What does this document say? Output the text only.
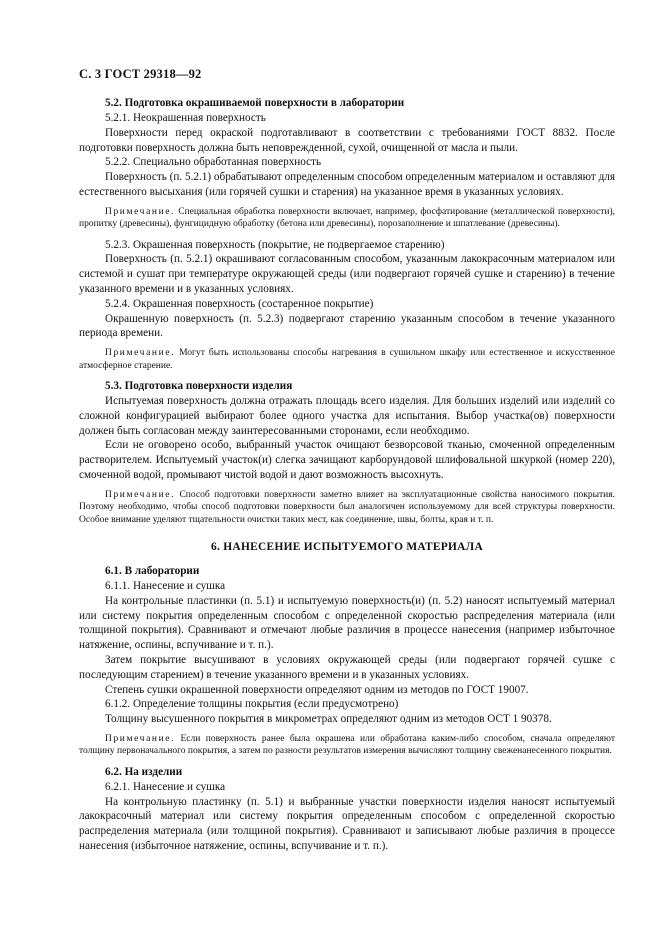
С. 3 ГОСТ 29318—92
5.2. Подготовка окрашиваемой поверхности в лаборатории
5.2.1. Неокрашенная поверхность

Поверхности перед окраской подготавливают в соответствии с требованиями ГОСТ 8832. После подготовки поверхность должна быть неповрежденной, сухой, очищенной от масла и пыли.

5.2.2. Специально обработанная поверхность

Поверхность (п. 5.2.1) обрабатывают определенным способом определенным материалом и оставляют для естественного высыхания (или горячей сушки и старения) на указанное время в указанных условиях.

Примечание. Специальная обработка поверхности включает, например, фосфатирование (металлической поверхности), пропитку (древесины), фунгицидную обработку (бетона или древесины), порозаполнение и шпатлевание (древесины).

5.2.3. Окрашенная поверхность (покрытие, не подвергаемое старению)

Поверхность (п. 5.2.1) окрашивают согласованным способом, указанным лакокрасочным материалом или системой и сушат при температуре окружающей среды (или подвергают горячей сушке и старению) в течение указанного времени и в указанных условиях.

5.2.4. Окрашенная поверхность (состаренное покрытие)

Окрашенную поверхность (п. 5.2.3) подвергают старению указанным способом в течение указанного периода времени.

Примечание. Могут быть использованы способы нагревания в сушильном шкафу или естественное и искусственное атмосферное старение.

5.3. Подготовка поверхности изделия

Испытуемая поверхность должна отражать площадь всего изделия. Для больших изделий или изделий со сложной конфигурацией выбирают более одного участка для испытания. Выбор участка(ов) поверхности должен быть согласован между заинтересованными сторонами, если необходимо.

Если не оговорено особо, выбранный участок очищают безворсовой тканью, смоченной определенным растворителем. Испытуемый участок(и) слегка зачищают карборундовой шлифовальной шкуркой (номер 220), смоченной водой, промывают чистой водой и дают возможность высохнуть.

Примечание. Способ подготовки поверхности заметно влияет на эксплуатационные свойства наносимого покрытия. Поэтому необходимо, чтобы способ подготовки поверхности был аналогичен используемому для всей структуры поверхности. Особое внимание уделяют тщательности очистки таких мест, как соединение, швы, болты, края и т. п.

6. НАНЕСЕНИЕ ИСПЫТУЕМОГО МАТЕРИАЛА
6.1. В лаборатории
6.1.1. Нанесение и сушка

На контрольные пластинки (п. 5.1) и испытуемую поверхность(и) (п. 5.2) наносят испытуемый материал или систему покрытия определенным способом с определенной скоростью распределения материала (или толщиной покрытия). Сравнивают и отмечают любые различия в процессе нанесения (например избыточное натяжение, оспины, вспучивание и т. п.).

Затем покрытие высушивают в условиях окружающей среды (или подвергают горячей сушке с последующим старением) в течение указанного времени и в указанных условиях.

Степень сушки окрашенной поверхности определяют одним из методов по ГОСТ 19007.

6.1.2. Определение толщины покрытия (если предусмотрено)

Толщину высушенного покрытия в микрометрах определяют одним из методов ОСТ 1 90378.

Примечание. Если поверхность ранее была окрашена или обработана каким-либо способом, сначала определяют толщину первоначального покрытия, а затем по разности результатов измерения вычисляют толщину свеженанесенного покрытия.

6.2. На изделии
6.2.1. Нанесение и сушка

На контрольную пластинку (п. 5.1) и выбранные участки поверхности изделия наносят испытуемый лакокрасочный материал или систему покрытия определенным способом с определенной скоростью распределения материала (или толщиной покрытия). Сравнивают и записывают любые различия в процессе нанесения (избыточное натяжение, оспины, вспучивание и т. п.).
